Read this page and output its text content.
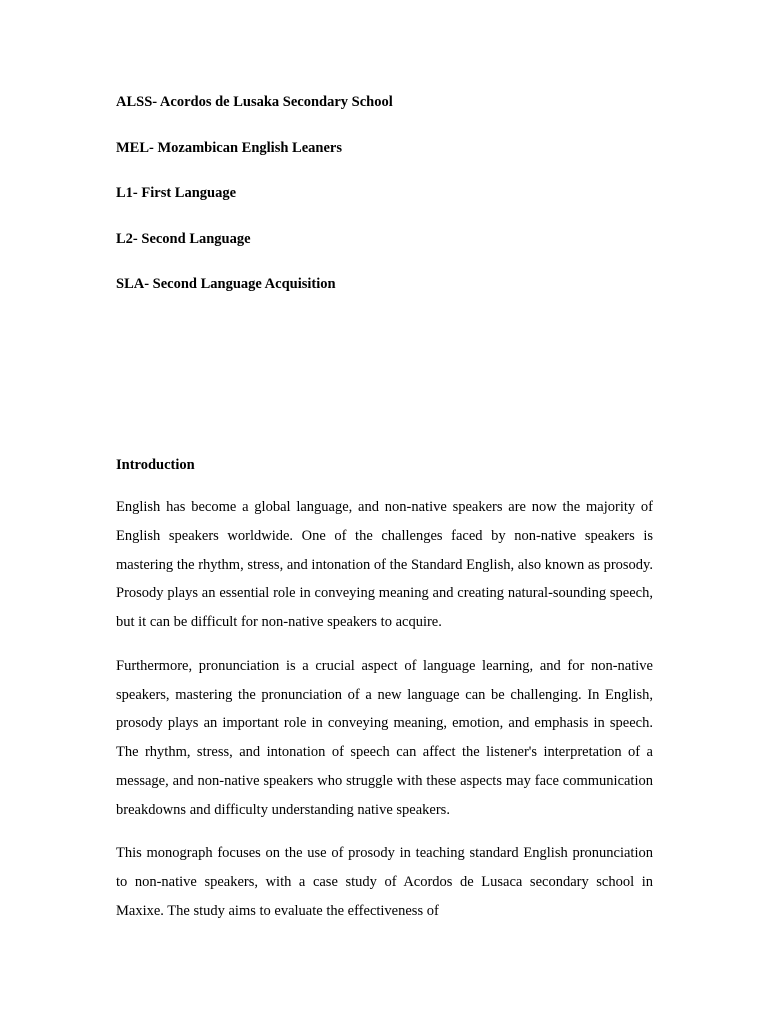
ALSS- Acordos de Lusaka Secondary School
MEL- Mozambican English Leaners
L1- First Language
L2- Second Language
SLA- Second Language Acquisition
Introduction

English has become a global language, and non-native speakers are now the majority of English speakers worldwide. One of the challenges faced by non-native speakers is mastering the rhythm, stress, and intonation of the Standard English, also known as prosody. Prosody plays an essential role in conveying meaning and creating natural-sounding speech, but it can be difficult for non-native speakers to acquire.

Furthermore, pronunciation is a crucial aspect of language learning, and for non-native speakers, mastering the pronunciation of a new language can be challenging. In English, prosody plays an important role in conveying meaning, emotion, and emphasis in speech. The rhythm, stress, and intonation of speech can affect the listener's interpretation of a message, and non-native speakers who struggle with these aspects may face communication breakdowns and difficulty understanding native speakers.

This monograph focuses on the use of prosody in teaching standard English pronunciation to non-native speakers, with a case study of Acordos de Lusaca secondary school in Maxixe. The study aims to evaluate the effectiveness of
